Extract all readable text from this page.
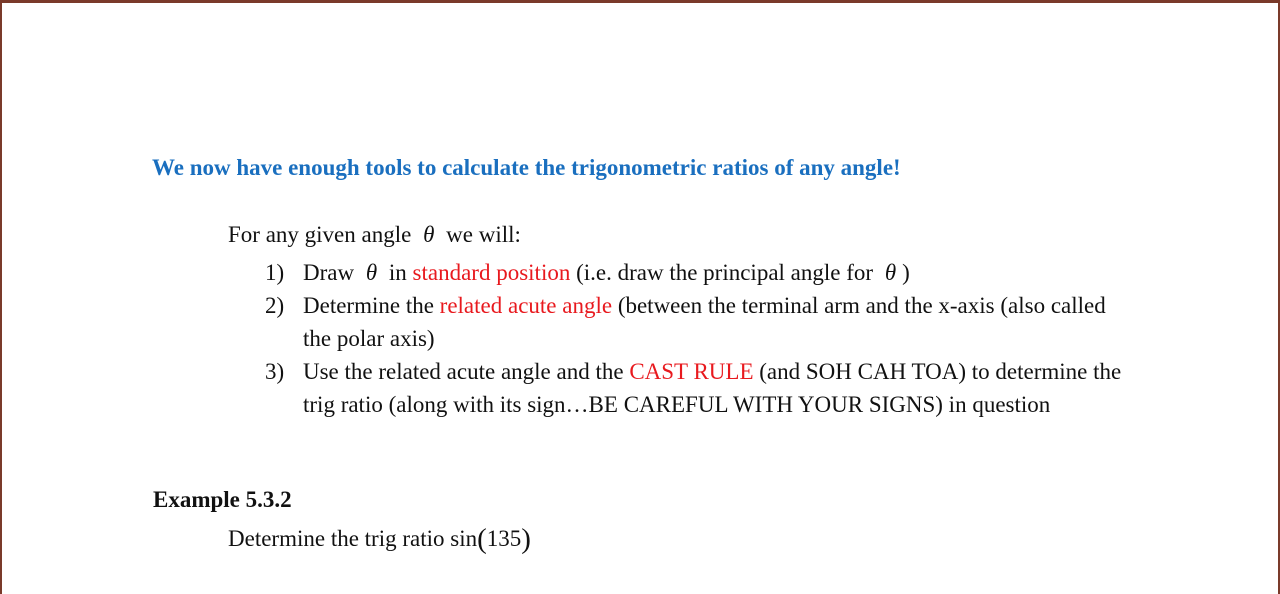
We now have enough tools to calculate the trigonometric ratios of any angle!
For any given angle θ we will:
1) Draw θ in standard position (i.e. draw the principal angle for θ )
2) Determine the related acute angle (between the terminal arm and the x-axis (also called the polar axis)
3) Use the related acute angle and the CAST RULE (and SOH CAH TOA) to determine the trig ratio (along with its sign…BE CAREFUL WITH YOUR SIGNS) in question
Example 5.3.2
Determine the trig ratio sin(135)
